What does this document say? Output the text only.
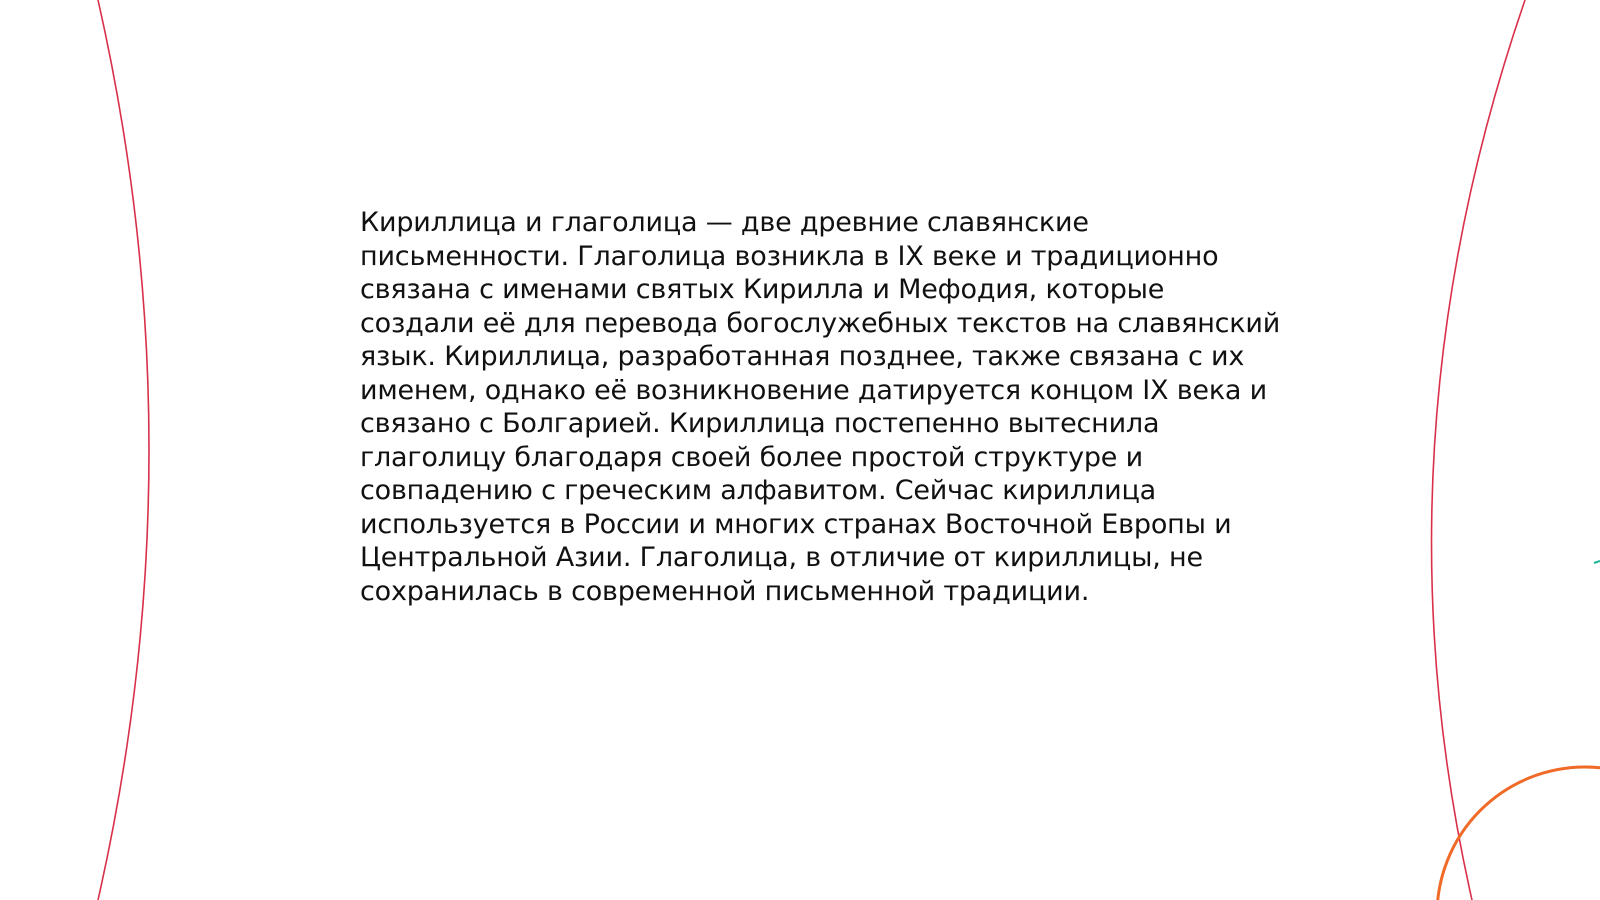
Кириллица и глаголица — две древние славянские
письменности. Глаголица возникла в IX веке и традиционно
связана с именами святых Кирилла и Мефодия, которые
создали её для перевода богослужебных текстов на славянский
язык. Кириллица, разработанная позднее, также связана с их
именем, однако её возникновение датируется концом IX века и
связано с Болгарией. Кириллица постепенно вытеснила
глаголицу благодаря своей более простой структуре и
совпадению с греческим алфавитом. Сейчас кириллица
используется в России и многих странах Восточной Европы и
Центральной Азии. Глаголица, в отличие от кириллицы, не
сохранилась в современной письменной традиции.
